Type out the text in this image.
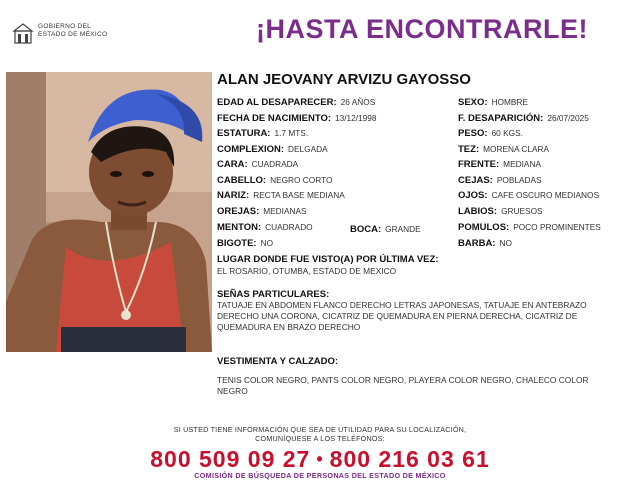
GOBIERNO DEL
ESTADO DE MÉXICO	¡HASTA ENCONTRARLE!
ALAN JEOVANY ARVIZU GAYOSSO
EDAD AL DESAPARECER: 26 AÑOS
FECHA DE NACIMIENTO: 13/12/1998
ESTATURA: 1.7 MTS.
COMPLEXION: DELGADA
CARA: CUADRADA
CABELLO: NEGRO CORTO
NARIZ: RECTA BASE MEDIANA
OREJAS: MEDIANAS
MENTON: CUADRADO
BIGOTE: NO
BOCA: GRANDE
SEXO: HOMBRE
F. DESAPARICIÓN: 26/07/2025
PESO: 60 KGS.
TEZ: MORENA CLARA
FRENTE: MEDIANA
CEJAS: POBLADAS
OJOS: CAFE OSCURO MEDIANOS
LABIOS: GRUESOS
POMULOS: POCO PROMINENTES
BARBA: NO
LUGAR DONDE FUE VISTO(A) POR ÚLTIMA VEZ:
EL ROSARIO, OTUMBA, ESTADO DE MEXICO
SEÑAS PARTICULARES:
TATUAJE EN ABDOMEN FLANCO DERECHO LETRAS JAPONESAS, TATUAJE EN ANTEBRAZO DERECHO UNA CORONA, CICATRIZ DE QUEMADURA EN PIERNA DERECHA, CICATRIZ DE QUEMADURA EN BRAZO DERECHO
VESTIMENTA Y CALZADO:
TENIS COLOR NEGRO, PANTS COLOR NEGRO, PLAYERA COLOR NEGRO, CHALECO COLOR NEGRO
SI USTED TIENE INFORMACIÓN QUE SEA DE UTILIDAD PARA SU LOCALIZACIÓN,
COMUNÍQUESE A LOS TELÉFONOS:
800 509 09 27 • 800 216 03 61
COMISIÓN DE BÚSQUEDA DE PERSONAS DEL ESTADO DE MÉXICO
